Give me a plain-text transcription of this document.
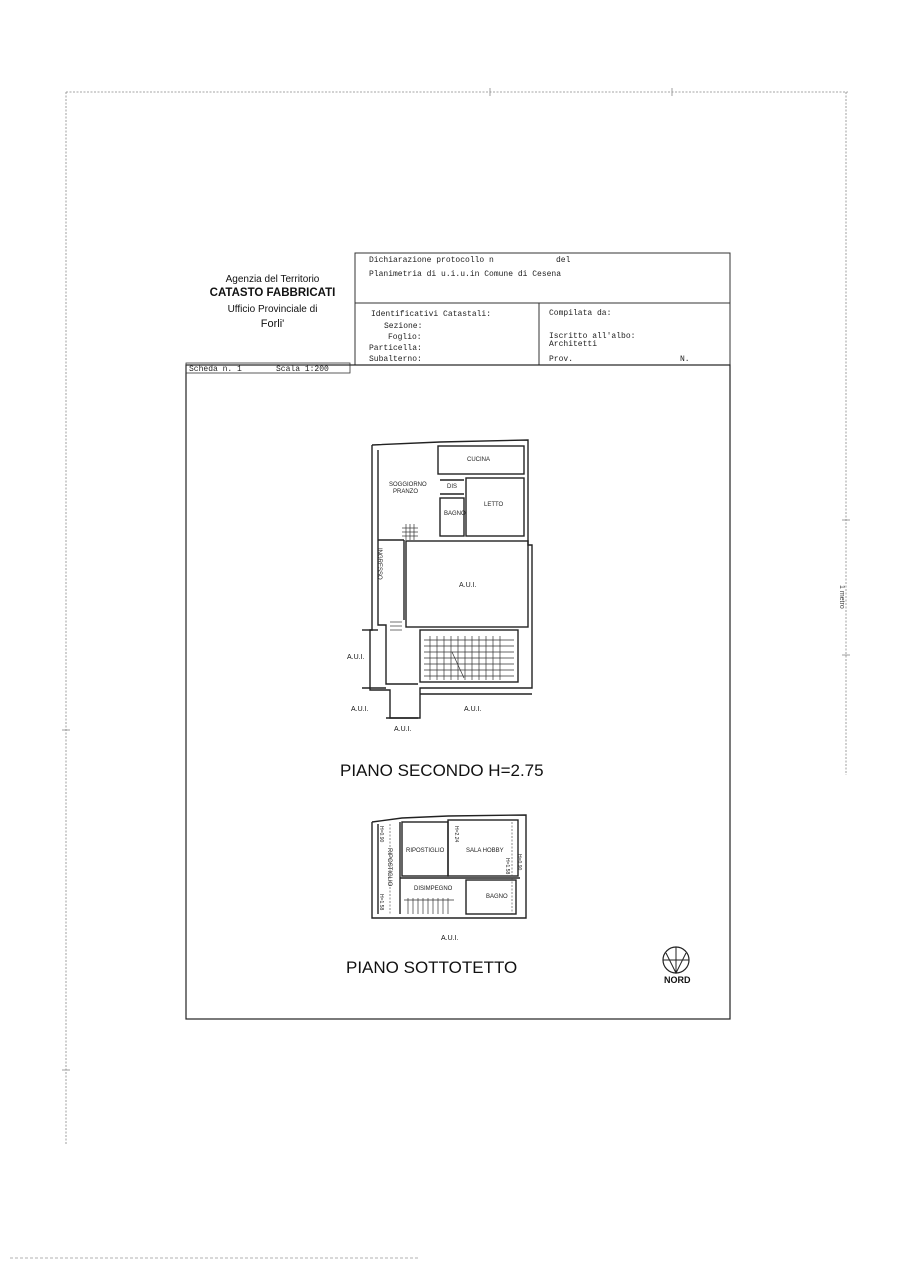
1 metro
Agenzia del Territorio
CATASTO FABBRICATI
Ufficio Provinciale di
Forli'
Dichiarazione protocollo n	del
Planimetria di u.i.u.in Comune di Cesena
Identificativi Catastali:
Sezione:
Foglio:
Particella:
Subalterno:
Compilata da:
Iscritto all'albo:
Architetti
Prov.	N.
Scheda n. 1	Scala 1:200
CUCINA
SOGGIORNO
PRANZO
DIS
LETTO
BAGNO
INGRESSO
A.U.I.
A.U.I.
A.U.I.	A.U.I.
A.U.I.
PIANO SECONDO H=2.75
RIPOSTIGLIO	SALA HOBBY
DISIMPEGNO
BAGNO
RIPOSTIGLIO
H=0.90	H=2.24
H=1.58 H=0.90
H=1.58
A.U.I.
PIANO SOTTOTETTO
NORD
